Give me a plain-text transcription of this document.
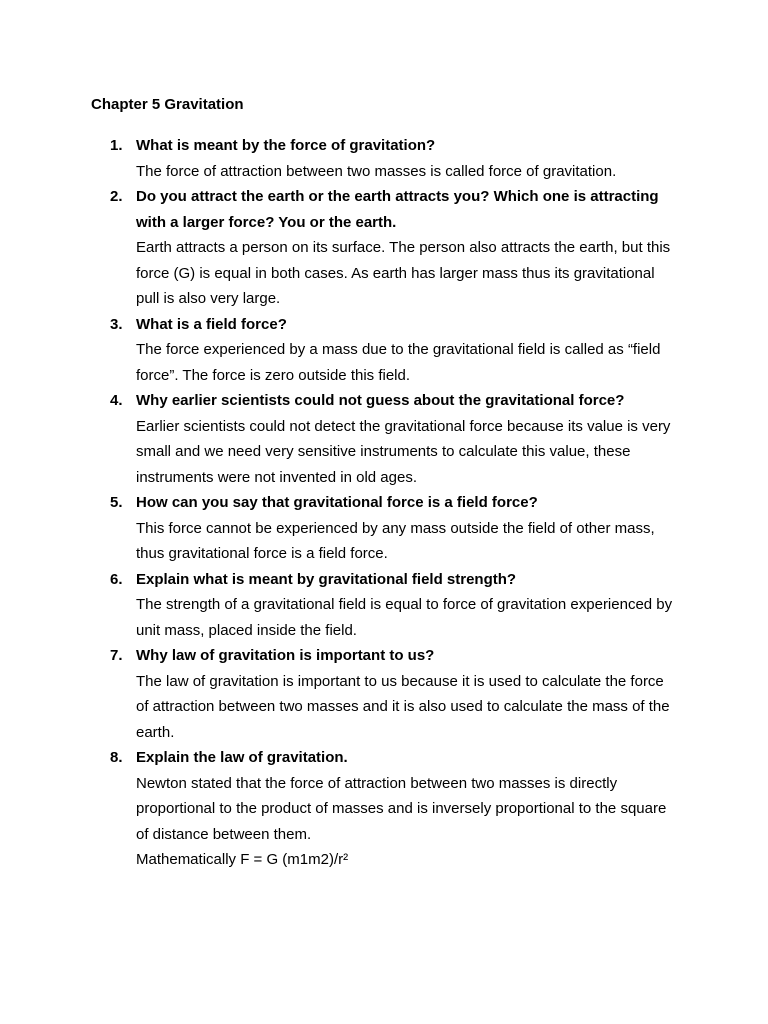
Chapter 5 Gravitation
1. What is meant by the force of gravitation?
The force of attraction between two masses is called force of gravitation.
2. Do you attract the earth or the earth attracts you? Which one is attracting with a larger force? You or the earth.
Earth attracts a person on its surface. The person also attracts the earth, but this force (G) is equal in both cases. As earth has larger mass thus its gravitational pull is also very large.
3. What is a field force?
The force experienced by a mass due to the gravitational field is called as “field force”. The force is zero outside this field.
4. Why earlier scientists could not guess about the gravitational force?
Earlier scientists could not detect the gravitational force because its value is very small and we need very sensitive instruments to calculate this value, these instruments were not invented in old ages.
5. How can you say that gravitational force is a field force?
This force cannot be experienced by any mass outside the field of other mass, thus gravitational force is a field force.
6. Explain what is meant by gravitational field strength?
The strength of a gravitational field is equal to force of gravitation experienced by unit mass, placed inside the field.
7. Why law of gravitation is important to us?
The law of gravitation is important to us because it is used to calculate the force of attraction between two masses and it is also used to calculate the mass of the earth.
8. Explain the law of gravitation.
Newton stated that the force of attraction between two masses is directly proportional to the product of masses and is inversely proportional to the square of distance between them.
Mathematically F = G (m1m2)/r²
